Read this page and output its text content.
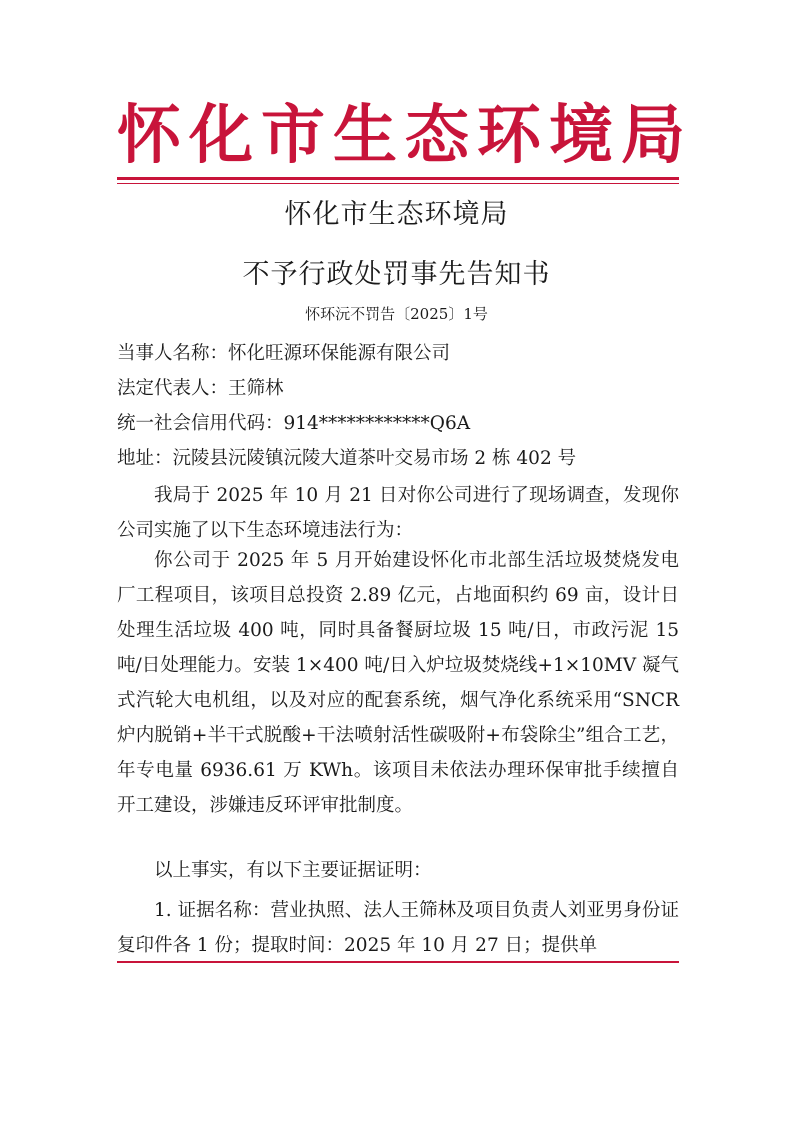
怀化市生态环境局
怀化市生态环境局
不予行政处罚事先告知书
怀环沅不罚告〔2025〕1号
当事人名称：怀化旺源环保能源有限公司
法定代表人：王筛林
统一社会信用代码：914************Q6A
地址：沅陵县沅陵镇沅陵大道茶叶交易市场 2 栋 402 号
我局于 2025 年 10 月 21 日对你公司进行了现场调查，发现你公司实施了以下生态环境违法行为：
你公司于 2025 年 5 月开始建设怀化市北部生活垃圾焚烧发电厂工程项目，该项目总投资 2.89 亿元，占地面积约 69 亩，设计日处理生活垃圾 400 吨，同时具备餐厨垃圾 15 吨/日，市政污泥 15 吨/日处理能力。安装 1×400 吨/日入炉垃圾焚烧线+1×10MV 凝气式汽轮大电机组，以及对应的配套系统，烟气净化系统采用“SNCR 炉内脱销+半干式脱酸+干法喷射活性碳吸附+布袋除尘”组合工艺，年专电量 6936.61 万 KWh。该项目未依法办理环保审批手续擅自开工建设，涉嫌违反环评审批制度。
以上事实，有以下主要证据证明：
1. 证据名称：营业执照、法人王筛林及项目负责人刘亚男身份证复印件各 1 份；提取时间：2025 年 10 月 27 日；提供单
